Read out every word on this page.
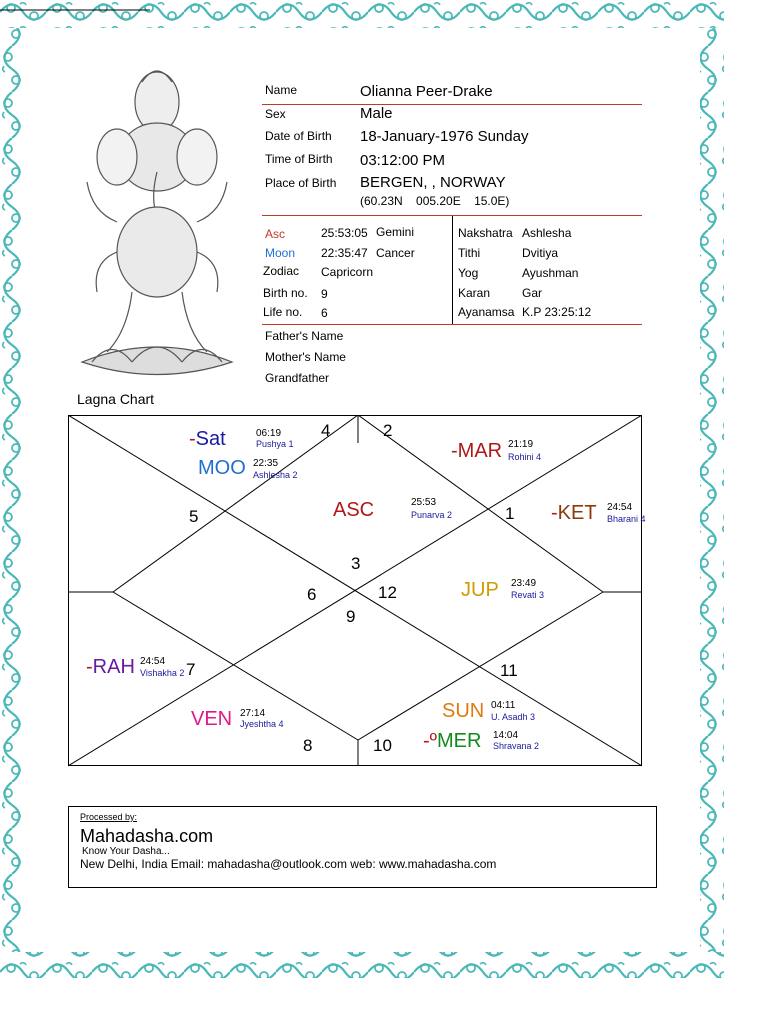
Name	Olianna Peer-Drake
Sex	Male
Date of Birth 18-January-1976 Sunday
Time of Birth 03:12:00 PM
Place of Birth BERGEN, , NORWAY
(60.23N    005.20E    15.0E)
Asc	25:53:05 Gemini
Moon 22:35:47 Cancer
Zodiac Capricorn
Birth no. 9
Life no. 6
Nakshatra Ashlesha
Tithi	Dvitiya
Yog	Ayushman
Karan	Gar
Ayanamsa K.P 23:25:12
Father's Name
Mother's Name
Grandfather
Lagna Chart
1
2
3
4
5
6
7
8
9
10
11
12
-Sat	06:19
Pushya 1
MOO 22:35
Ashlesha 2
-MAR 21:19
Rohini 4
ASC	25:53
Punarva 2	-KET 24:54
Bharani 4
JUP 23:49
Revati 3
-RAH 24:54
Vishakha 2
VEN 27:14
Jyeshtha 4
SUN 04:11
U. Asadh 3
-ºMER 14:04
Shravana 2
Processed by:
Mahadasha.com
Know Your Dasha...
New Delhi, India Email: mahadasha@outlook.com web: www.mahadasha.com
